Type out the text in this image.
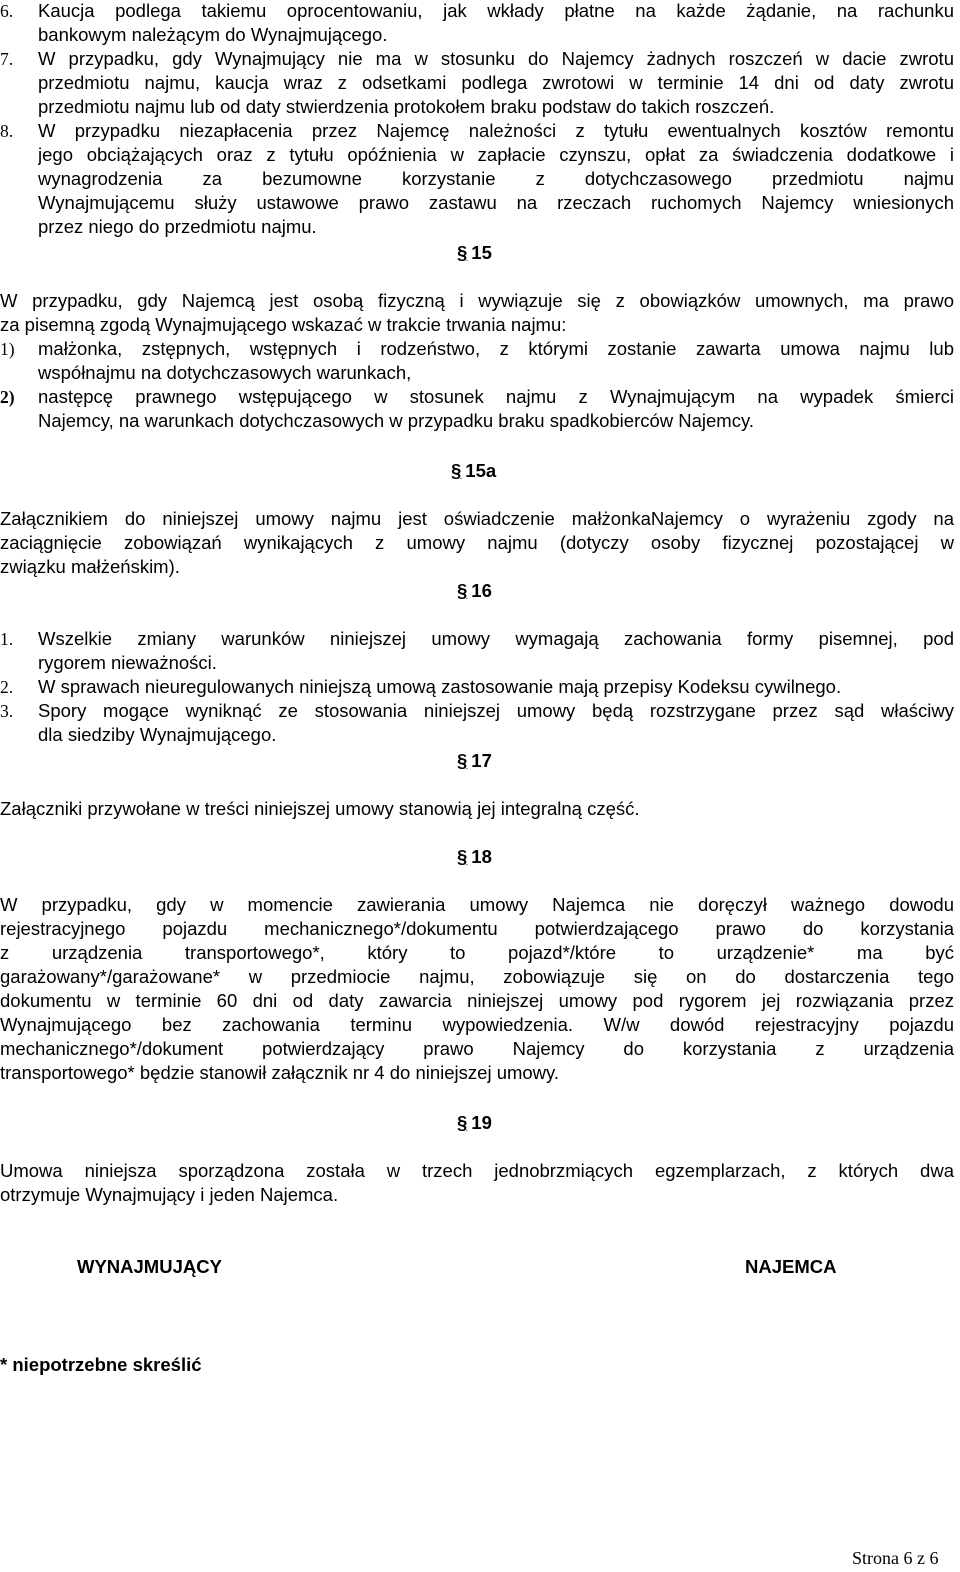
6. Kaucja podlega takiemu oprocentowaniu, jak wkłady płatne na każde żądanie, na rachunku
bankowym należącym do Wynajmującego.
7. W przypadku, gdy Wynajmujący nie ma w stosunku do Najemcy żadnych roszczeń w dacie zwrotu
przedmiotu najmu, kaucja wraz z odsetkami podlega zwrotowi w terminie 14 dni od daty zwrotu
przedmiotu najmu lub od daty stwierdzenia protokołem braku podstaw do takich roszczeń.
8. W przypadku niezapłacenia przez Najemcę należności z tytułu ewentualnych kosztów remontu
jego obciążających oraz z tytułu opóźnienia w zapłacie czynszu, opłat za świadczenia dodatkowe i
wynagrodzenia za bezumowne korzystanie z dotychczasowego przedmiotu najmu
Wynajmującemu służy ustawowe prawo zastawu na rzeczach ruchomych Najemcy wniesionych
przez niego do przedmiotu najmu.
§ 15
W przypadku, gdy Najemcą jest osobą fizyczną i wywiązuje się z obowiązków umownych, ma prawo
za pisemną zgodą Wynajmującego wskazać w trakcie trwania najmu:
1) małżonka, zstępnych, wstępnych i rodzeństwo, z którymi zostanie zawarta umowa najmu lub
współnajmu na dotychczasowych warunkach,
2) następcę prawnego wstępującego w stosunek najmu z Wynajmującym na wypadek śmierci
Najemcy, na warunkach dotychczasowych w przypadku braku spadkobierców Najemcy.
§ 15a
Załącznikiem do niniejszej umowy najmu jest oświadczenie małżonkaNajemcy o wyrażeniu zgody na
zaciągnięcie zobowiązań wynikających z umowy najmu (dotyczy osoby fizycznej pozostającej w
związku małżeńskim).
§ 16
1. Wszelkie zmiany warunków niniejszej umowy wymagają zachowania formy pisemnej, pod
rygorem nieważności.
2. W sprawach nieuregulowanych niniejszą umową zastosowanie mają przepisy Kodeksu cywilnego.
3. Spory mogące wyniknąć ze stosowania niniejszej umowy będą rozstrzygane przez sąd właściwy
dla siedziby Wynajmującego.
§ 17
Załączniki przywołane w treści niniejszej umowy stanowią jej integralną część.
§ 18
W przypadku, gdy w momencie zawierania umowy Najemca nie doręczył ważnego dowodu
rejestracyjnego pojazdu mechanicznego*/dokumentu potwierdzającego prawo do korzystania
z urządzenia transportowego*, który to pojazd*/które to urządzenie* ma być
garażowany*/garażowane* w przedmiocie najmu, zobowiązuje się on do dostarczenia tego
dokumentu w terminie 60 dni od daty zawarcia niniejszej umowy pod rygorem jej rozwiązania przez
Wynajmującego bez zachowania terminu wypowiedzenia. W/w dowód rejestracyjny pojazdu
mechanicznego*/dokument potwierdzający prawo Najemcy do korzystania z urządzenia
transportowego* będzie stanowił załącznik nr 4 do niniejszej umowy.
§ 19
Umowa niniejsza sporządzona została w trzech jednobrzmiących egzemplarzach, z których dwa
otrzymuje Wynajmujący i jeden Najemca.
WYNAJMUJĄCY	NAJEMCA
* niepotrzebne skreślić
Strona 6 z 6
